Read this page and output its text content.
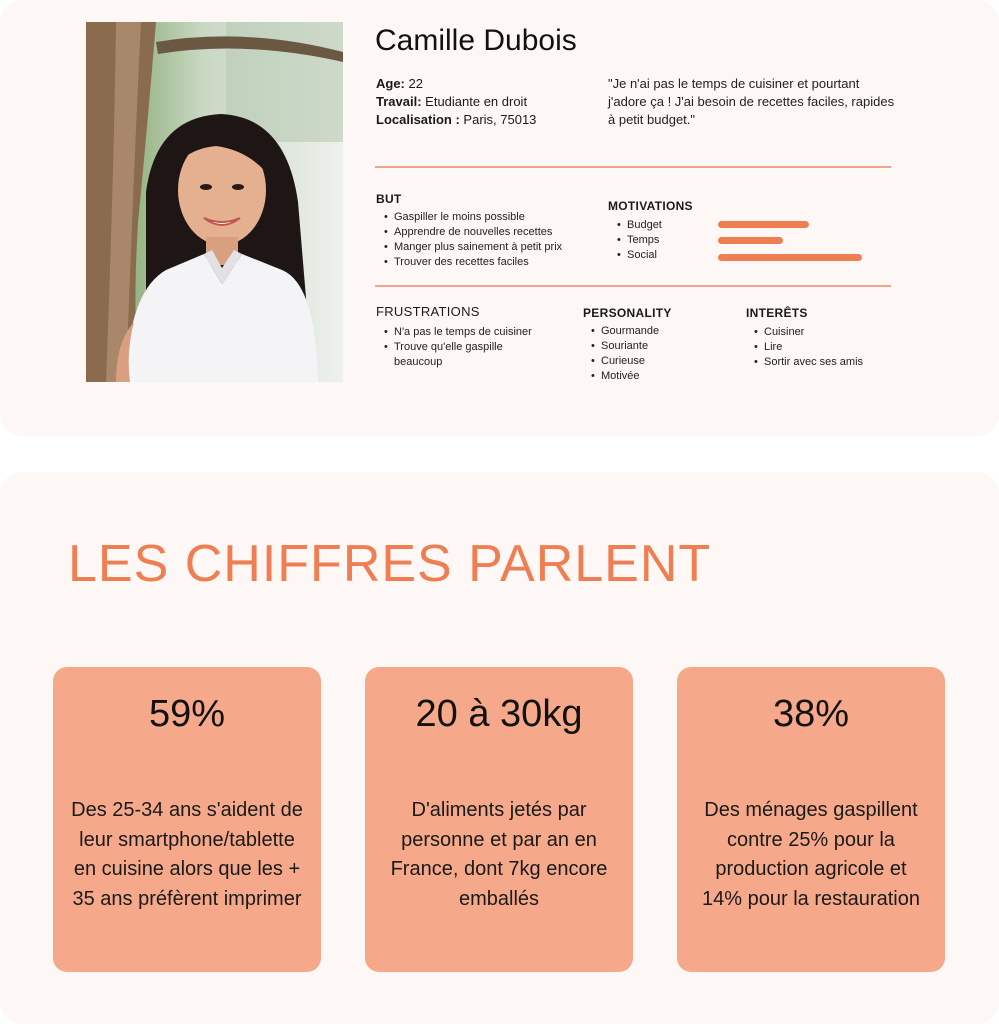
Camille Dubois
Age: 22
Travail: Etudiante en droit
Localisation : Paris, 75013
"Je n'ai pas le temps de cuisiner et pourtant j'adore ça ! J'ai besoin de recettes faciles, rapides à petit budget."
BUT
• Gaspiller le moins possible
• Apprendre de nouvelles recettes
• Manger plus sainement à petit prix
• Trouver des recettes faciles
MOTIVATIONS
• Budget
• Temps
• Social
FRUSTRATIONS
• N'a pas le temps de cuisiner
• Trouve qu'elle gaspille beaucoup
PERSONALITY
• Gourmande
• Souriante
• Curieuse
• Motivée
INTERÊTS
• Cuisiner
• Lire
• Sortir avec ses amis
LES CHIFFRES PARLENT
59%
Des 25-34 ans s'aident de leur smartphone/tablette en cuisine alors que les + 35 ans préfèrent imprimer
20 à 30kg
D'aliments jetés par personne et par an en France, dont 7kg encore emballés
38%
Des ménages gaspillent contre 25% pour la production agricole et 14% pour la restauration
